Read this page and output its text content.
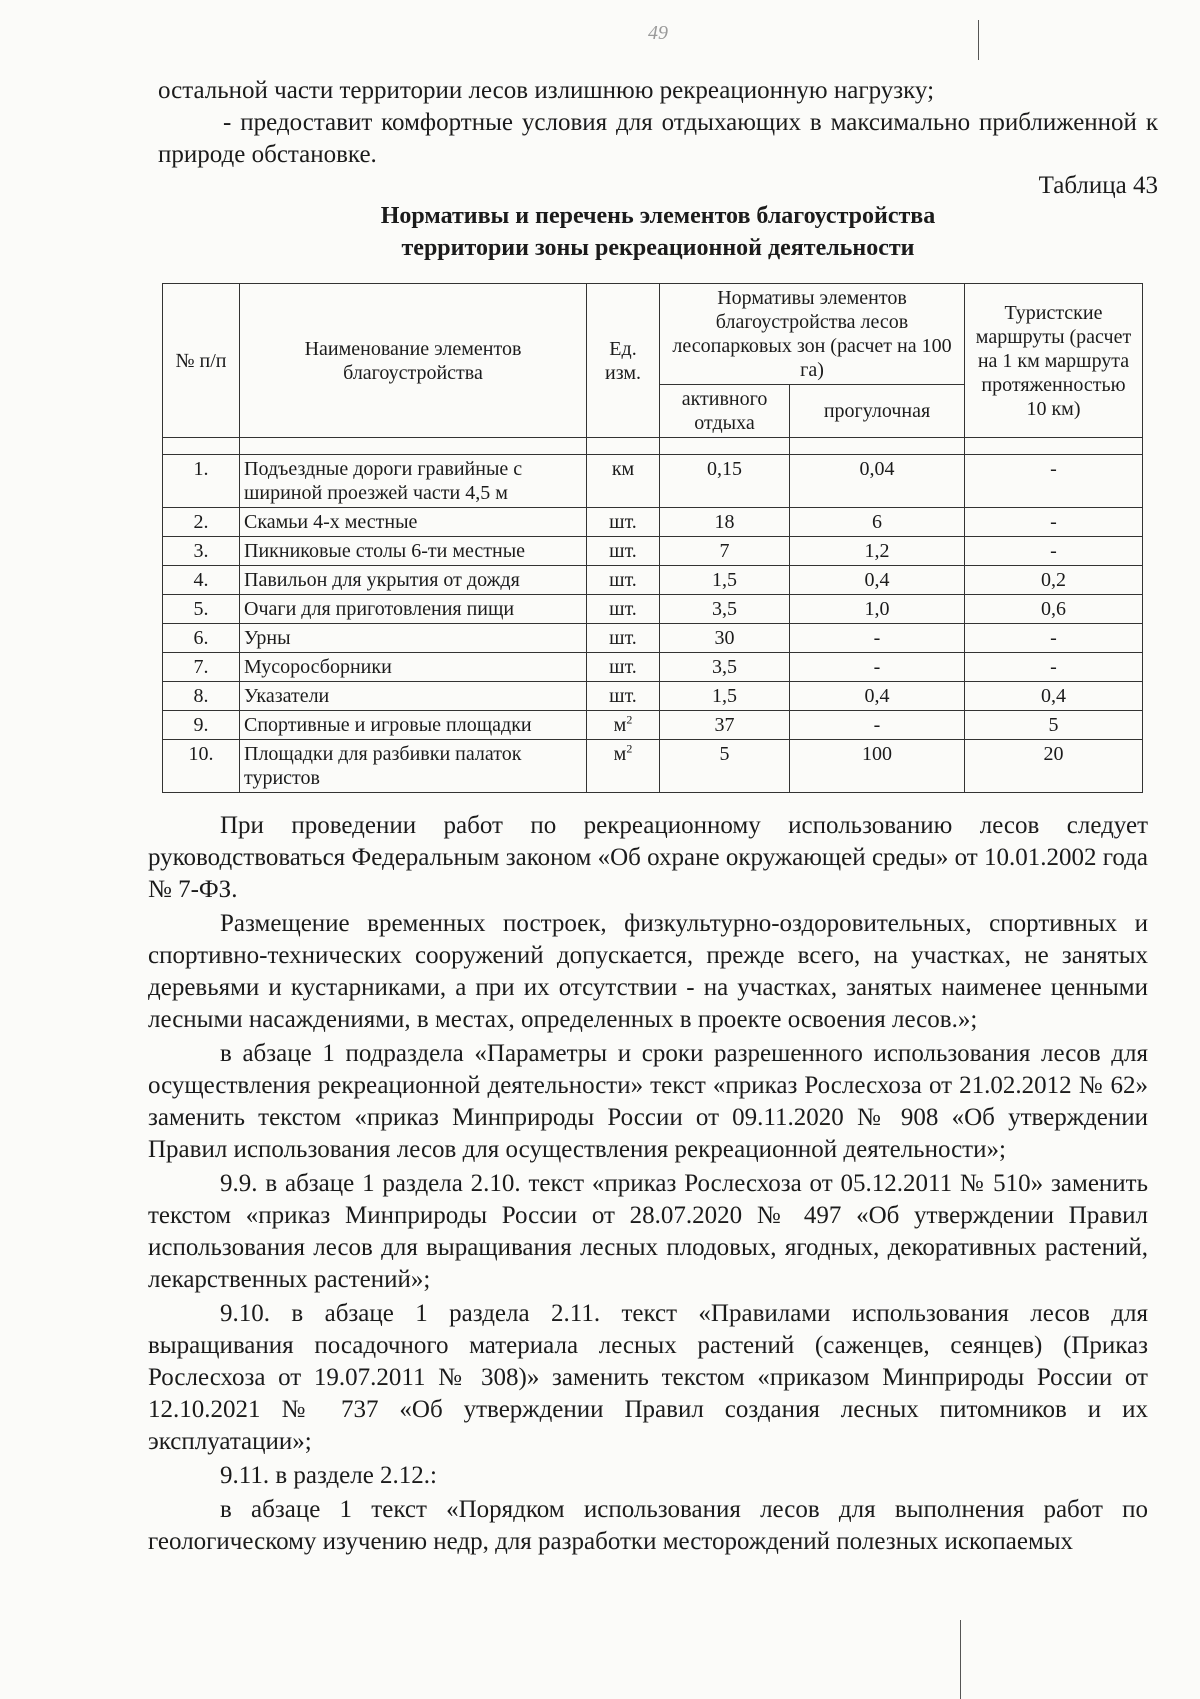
49

остальной части территории лесов излишнюю рекреационную нагрузку;

- предоставит комфортные условия для отдыхающих в максимально приближенной к природе обстановке.

Таблица 43

Нормативы и перечень элементов благоустройства
территории зоны рекреационной деятельности
№ п/п	Наименование элементов благоустройства	Ед. изм.	Нормативы элементов благоустройства лесов лесопарковых зон (расчет на 100 га)		Туристские маршруты (расчет на 1 км маршрута протяженностью 10 км)
			активного отдыха	прогулочная	

1.	Подъездные дороги гравийные с шириной проезжей части 4,5 м	км	0,15	0,04	-
2.	Скамьи 4-х местные	шт.	18	6	-
3.	Пикниковые столы 6-ти местные	шт.	7	1,2	-
4.	Павильон для укрытия от дождя	шт.	1,5	0,4	0,2
5.	Очаги для приготовления пищи	шт.	3,5	1,0	0,6
6.	Урны	шт.	30	-	-
7.	Мусоросборники	шт.	3,5	-	-
8.	Указатели	шт.	1,5	0,4	0,4
9.	Спортивные и игровые площадки	$м^2$	37	-	5
10.	Площадки для разбивки палаток туристов	$м^2$	5	100	20

При проведении работ по рекреационному использованию лесов следует руководствоваться Федеральным законом «Об охране окружающей среды» от 10.01.2002 года № 7-ФЗ.

Размещение временных построек, физкультурно-оздоровительных, спортивных и спортивно-технических сооружений допускается, прежде всего, на участках, не занятых деревьями и кустарниками, а при их отсутствии - на участках, занятых наименее ценными лесными насаждениями, в местах, определенных в проекте освоения лесов.»;

в абзаце 1 подраздела «Параметры и сроки разрешенного использования лесов для осуществления рекреационной деятельности» текст «приказ Рослесхоза от 21.02.2012 № 62» заменить текстом «приказ Минприроды России от 09.11.2020 № 908 «Об утверждении Правил использования лесов для осуществления рекреационной деятельности»;

9.9. в абзаце 1 раздела 2.10. текст «приказ Рослесхоза от 05.12.2011 № 510» заменить текстом «приказ Минприроды России от 28.07.2020 № 497 «Об утверждении Правил использования лесов для выращивания лесных плодовых, ягодных, декоративных растений, лекарственных растений»;

9.10. в абзаце 1 раздела 2.11. текст «Правилами использования лесов для выращивания посадочного материала лесных растений (саженцев, сеянцев) (Приказ Рослесхоза от 19.07.2011 № 308)» заменить текстом «приказом Минприроды России от 12.10.2021 № 737 «Об утверждении Правил создания лесных питомников и их эксплуатации»;

9.11. в разделе 2.12.:

в абзаце 1 текст «Порядком использования лесов для выполнения работ по геологическому изучению недр, для разработки месторождений полезных ископаемых
